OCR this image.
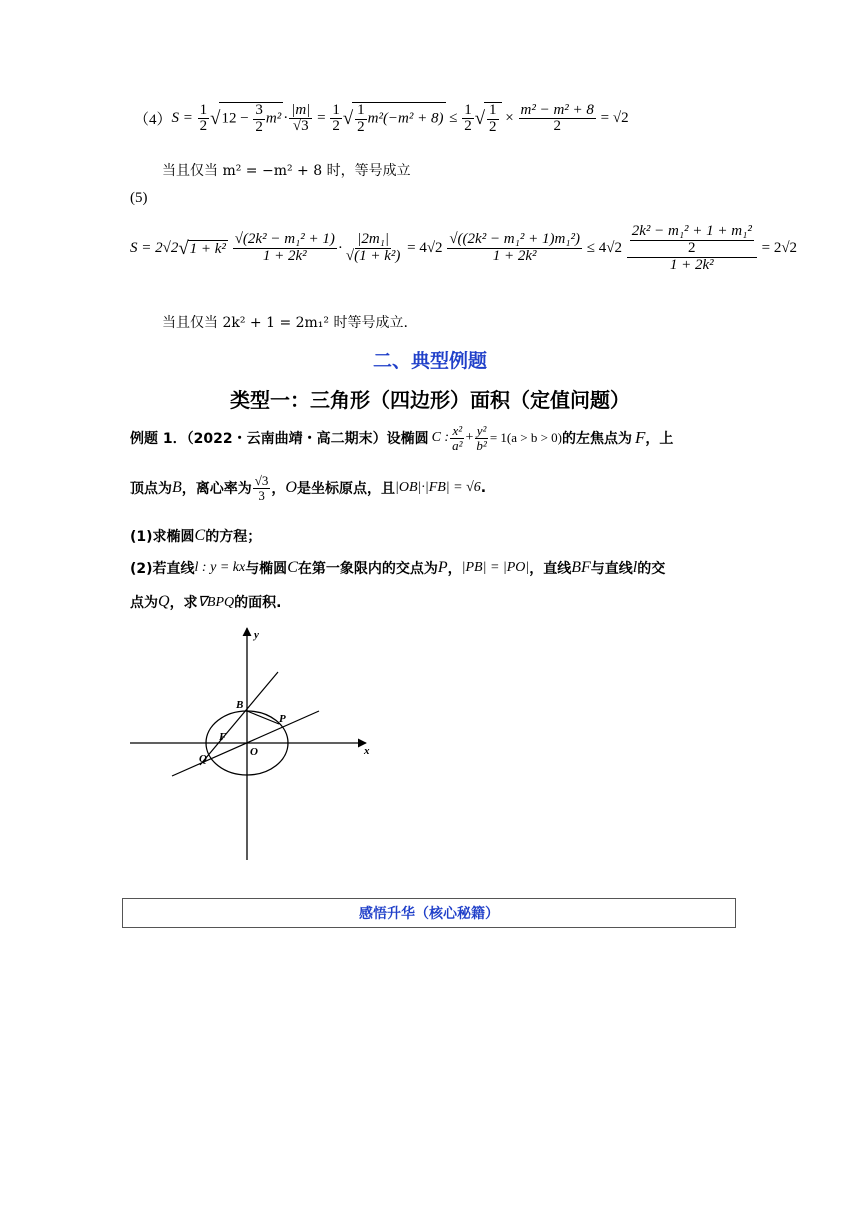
（4） S =
$\frac{1}{2}$ √ $12 - \frac{3}{2} m^2 \cdot \frac{|m|}{√3}$
=
$\frac{1}{2}$ √ $\frac{1}{2} m^2(-m^2 + 8)$
≤
$\frac{1}{2}$ √ $\frac{1}{2}$
×
$\frac{\text{m² − m² + 8}}{2}$
= √2
当且仅当 m² = −m² + 8 时，等号成立
(5)
S = 2√2 √ 1 + k²
$\frac{\text{√(2k² − m₁² + 1)}}{\text{1 + 2k²}} \cdot \frac{\text{|2m₁|}}{\text{√(1 + k²)}}$
= 4√2
$\frac{\text{√((2k² − m₁² + 1)m₁²)}}{\text{1 + 2k²}}$
≤ 4√2
$\frac{\frac{\text{2k² − m₁² + 1 + m₁²}}{2}}{\text{1 + 2k²}}$
= 2√2
当且仅当 2k² + 1 = 2m₁² 时等号成立.
二、典型例题
类型一：三角形（四边形）面积（定值问题）
例题 1．（2022・云南曲靖・高二期末）设椭圆 C : $\frac{\text{x²}}{\text{a²}} + \frac{\text{y²}}{\text{b²}} = 1(a > b > 0)$ 的左焦点为 F ，上
顶点为 B ，离心率为 $\frac{√3}{3}$ ， O 是坐标原点，且 |OB|·|FB| = √6 .
(1)求椭圆 C 的方程；
(2)若直线 l : y = kx 与椭圆 C 在第一象限内的交点为 P ， |PB| = |PO| ，直线 BF 与直线 l 的交
点为 Q ，求 ∇BPQ 的面积.
y
x
B
P
F
O
Q
感悟升华（核心秘籍）
